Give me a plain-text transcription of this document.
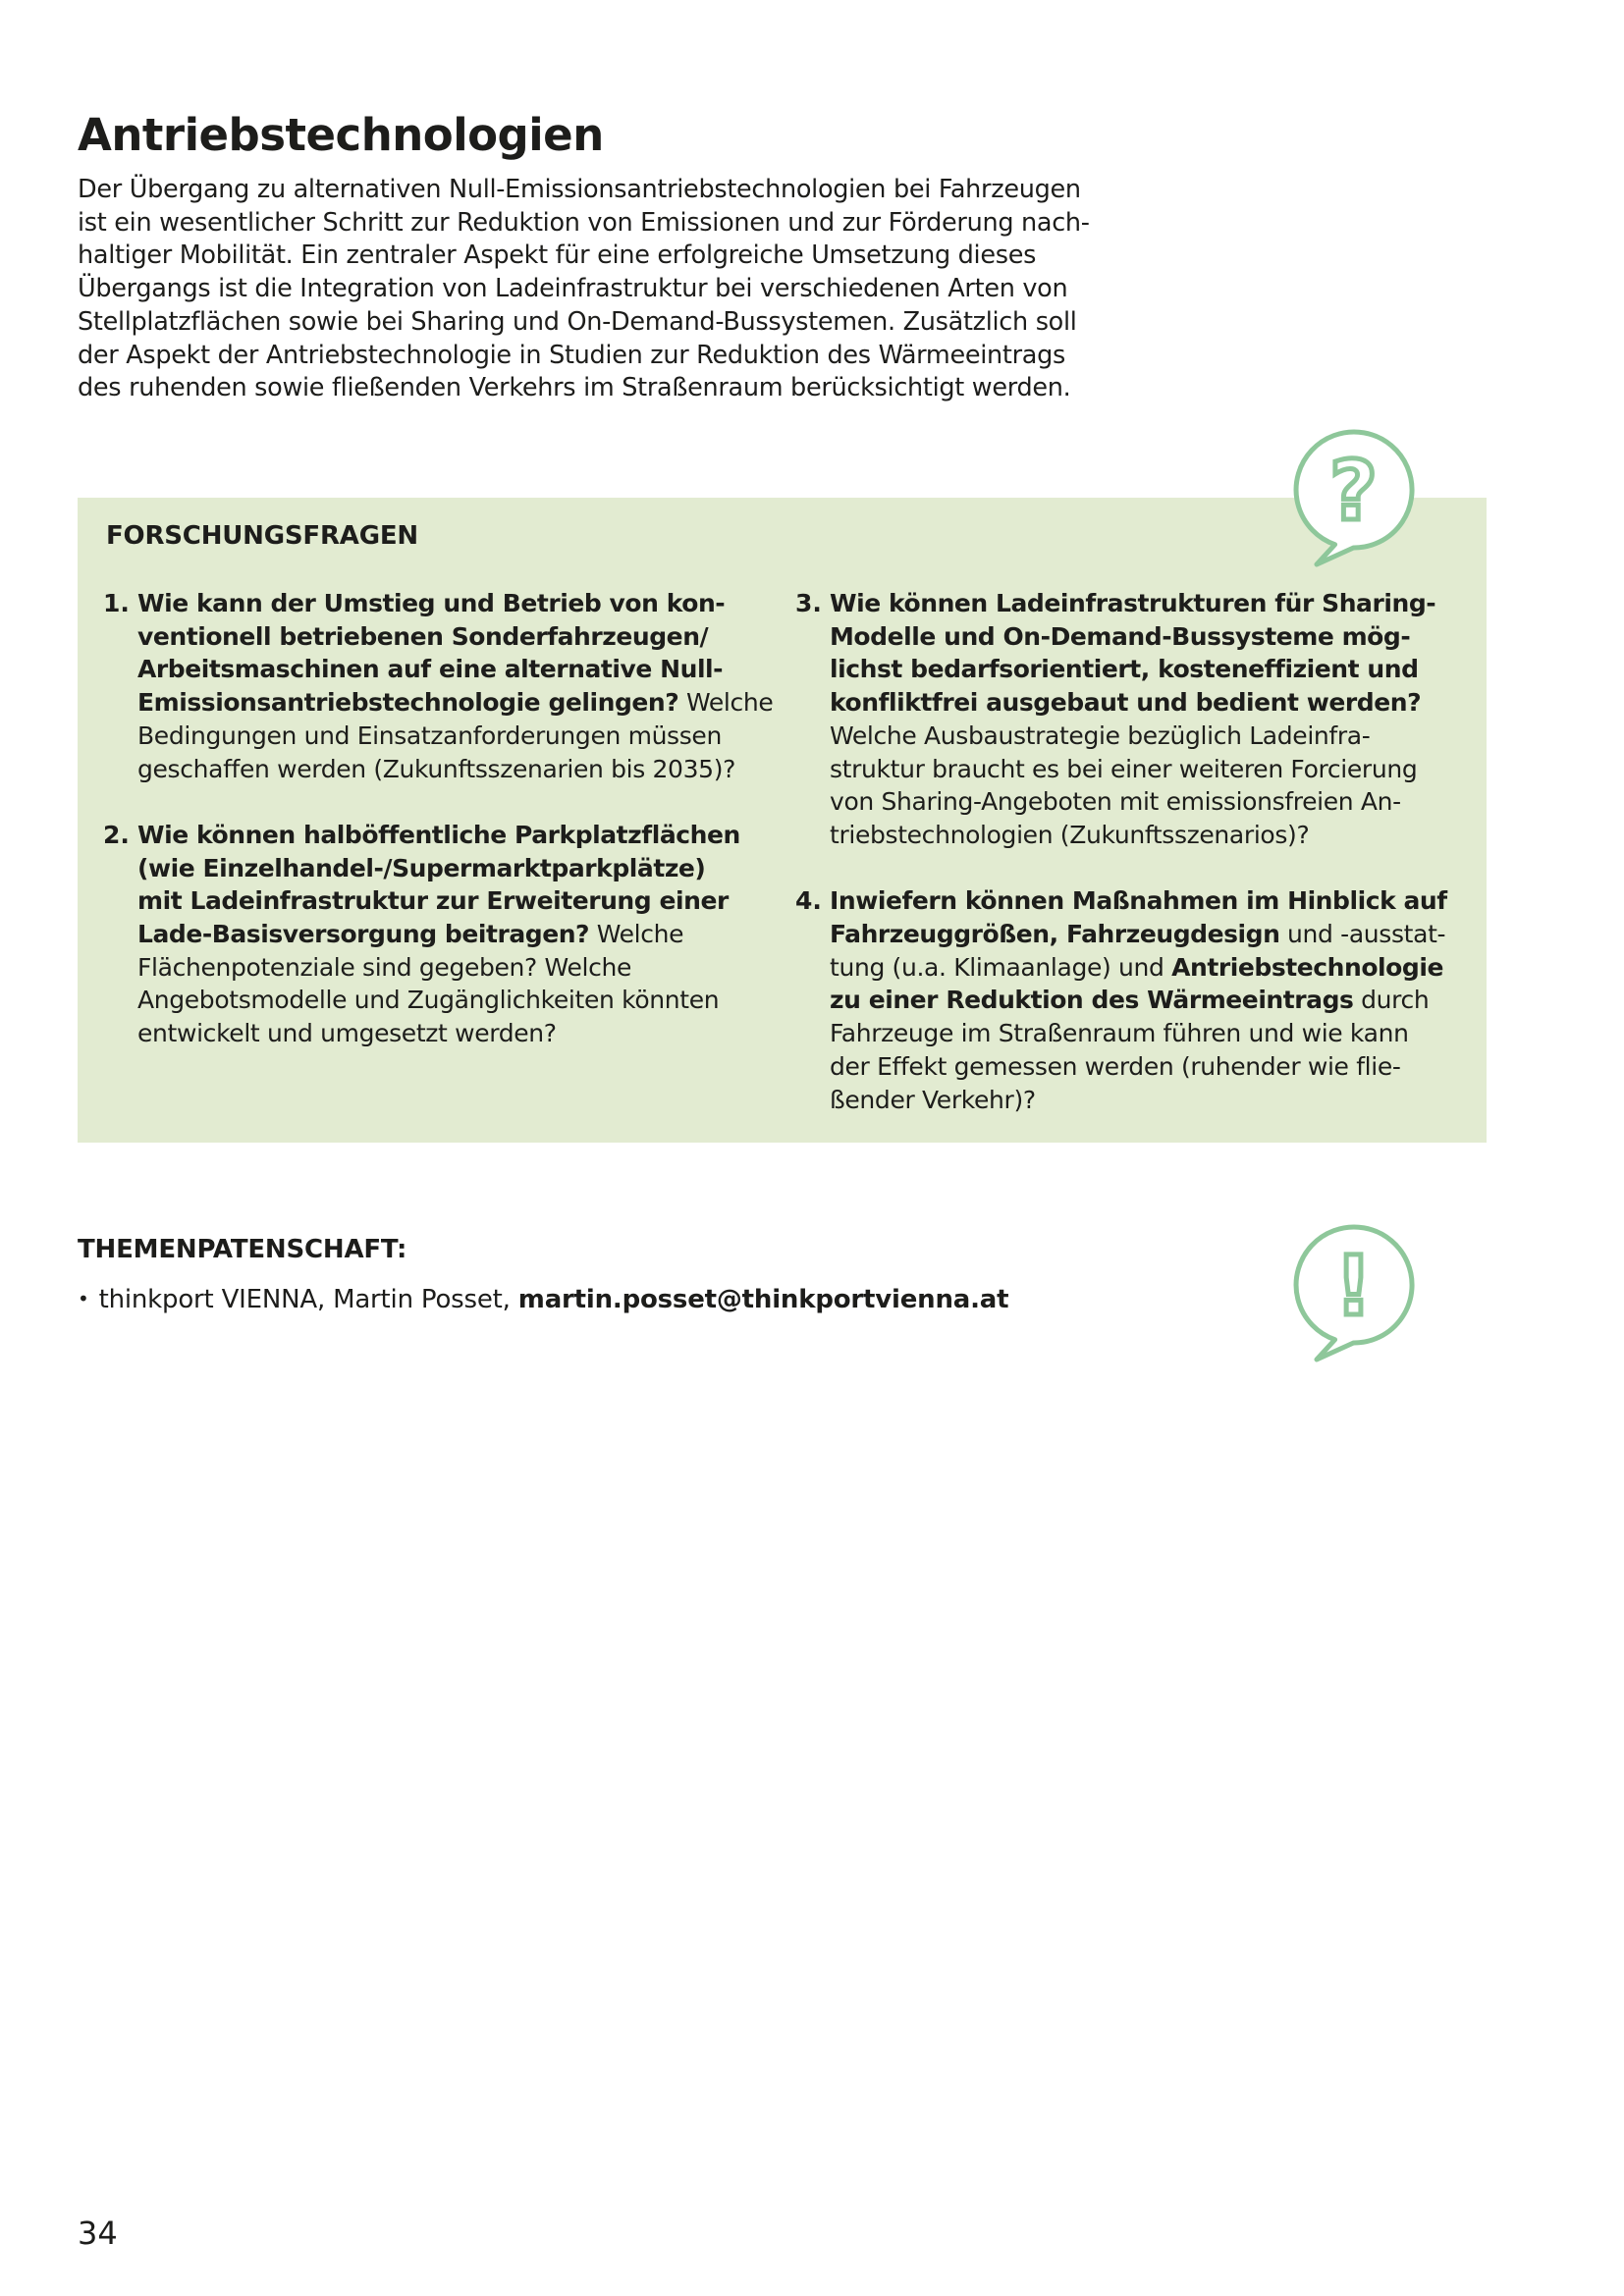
Antriebstechnologien

Der Übergang zu alternativen Null-Emissionsantriebstechnologien bei Fahrzeugen
ist ein wesentlicher Schritt zur Reduktion von Emissionen und zur Förderung nach-
haltiger Mobilität. Ein zentraler Aspekt für eine erfolgreiche Umsetzung dieses
Übergangs ist die Integration von Ladeinfrastruktur bei verschiedenen Arten von
Stellplatzflächen sowie bei Sharing und On-Demand-Bussystemen. Zusätzlich soll
der Aspekt der Antriebstechnologie in Studien zur Reduktion des Wärmeeintrags
des ruhenden sowie fließenden Verkehrs im Straßenraum berücksichtigt werden.

FORSCHUNGSFRAGEN
1. Wie kann der Umstieg und Betrieb von kon-
ventionell betriebenen Sonderfahrzeugen/
Arbeitsmaschinen auf eine alternative Null-
Emissionsantriebstechnologie gelingen? Welche
Bedingungen und Einsatzanforderungen müssen
geschaffen werden (Zukunftsszenarien bis 2035)?
2. Wie können halböffentliche Parkplatzflächen
(wie Einzelhandel-/Supermarktparkplätze)
mit Ladeinfrastruktur zur Erweiterung einer
Lade-Basisversorgung beitragen? Welche
Flächenpotenziale sind gegeben? Welche
Angebotsmodelle und Zugänglichkeiten könnten
entwickelt und umgesetzt werden?
3. Wie können Ladeinfrastrukturen für Sharing-
Modelle und On-Demand-Bussysteme mög-
lichst bedarfsorientiert, kosteneffizient und
konfliktfrei ausgebaut und bedient werden?
Welche Ausbaustrategie bezüglich Ladeinfra-
struktur braucht es bei einer weiteren Forcierung
von Sharing-Angeboten mit emissionsfreien An-
triebstechnologien (Zukunftsszenarios)?
4. Inwiefern können Maßnahmen im Hinblick auf
Fahrzeuggrößen, Fahrzeugdesign und -ausstat-
tung (u.a. Klimaanlage) und Antriebstechnologie
zu einer Reduktion des Wärmeeintrags durch
Fahrzeuge im Straßenraum führen und wie kann
der Effekt gemessen werden (ruhender wie flie-
ßender Verkehr)?
?
THEMENPATENSCHAFT:
• thinkport VIENNA, Martin Posset, martin.posset@thinkportvienna.at	!
34
